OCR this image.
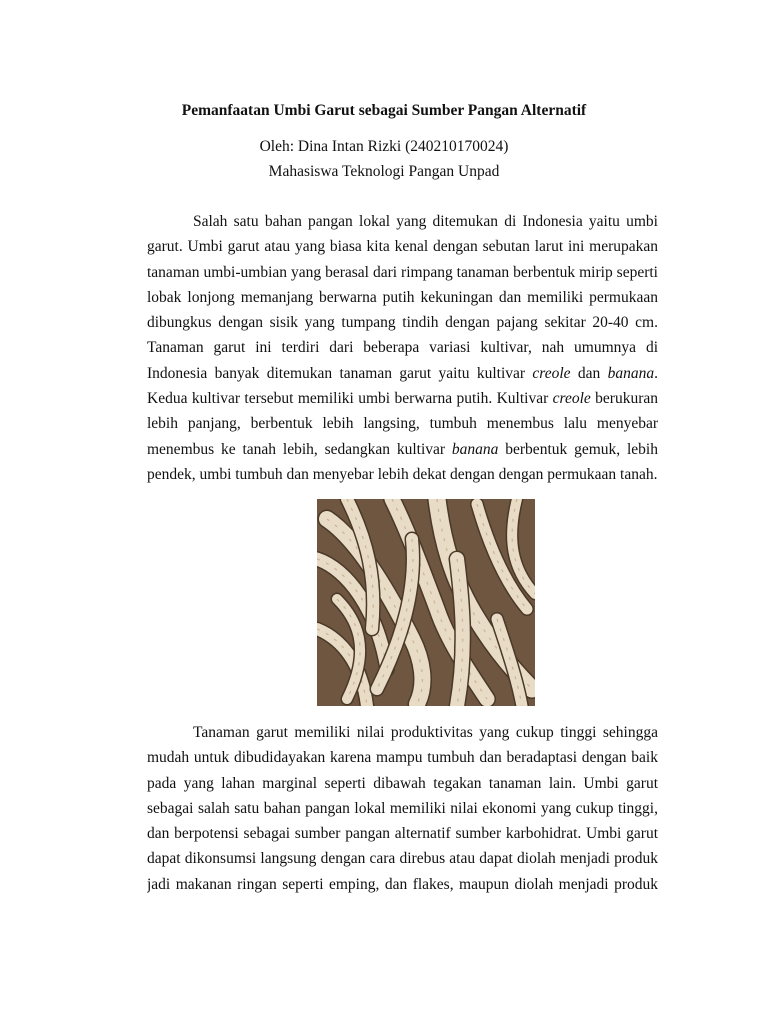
Pemanfaatan Umbi Garut sebagai Sumber Pangan Alternatif
Oleh: Dina Intan Rizki (240210170024)
Mahasiswa Teknologi Pangan Unpad
Salah satu bahan pangan lokal yang ditemukan di Indonesia yaitu umbi
garut. Umbi garut atau yang biasa kita kenal dengan sebutan larut ini merupakan
tanaman umbi-umbian yang berasal dari rimpang tanaman berbentuk mirip seperti
lobak lonjong memanjang berwarna putih kekuningan dan memiliki permukaan
dibungkus dengan sisik yang tumpang tindih dengan pajang sekitar 20-40 cm.
Tanaman garut ini terdiri dari beberapa variasi kultivar, nah umumnya di
Indonesia banyak ditemukan tanaman garut yaitu kultivar creole dan banana.
Kedua kultivar tersebut memiliki umbi berwarna putih. Kultivar creole berukuran
lebih panjang, berbentuk lebih langsing, tumbuh menembus lalu menyebar
menembus ke tanah lebih, sedangkan kultivar banana berbentuk gemuk, lebih
pendek, umbi tumbuh dan menyebar lebih dekat dengan dengan permukaan tanah.
Tanaman garut memiliki nilai produktivitas yang cukup tinggi sehingga
mudah untuk dibudidayakan karena mampu tumbuh dan beradaptasi dengan baik
pada yang lahan marginal seperti dibawah tegakan tanaman lain. Umbi garut
sebagai salah satu bahan pangan lokal memiliki nilai ekonomi yang cukup tinggi,
dan berpotensi sebagai sumber pangan alternatif sumber karbohidrat. Umbi garut
dapat dikonsumsi langsung dengan cara direbus atau dapat diolah menjadi produk
jadi makanan ringan seperti emping, dan flakes, maupun diolah menjadi produk
